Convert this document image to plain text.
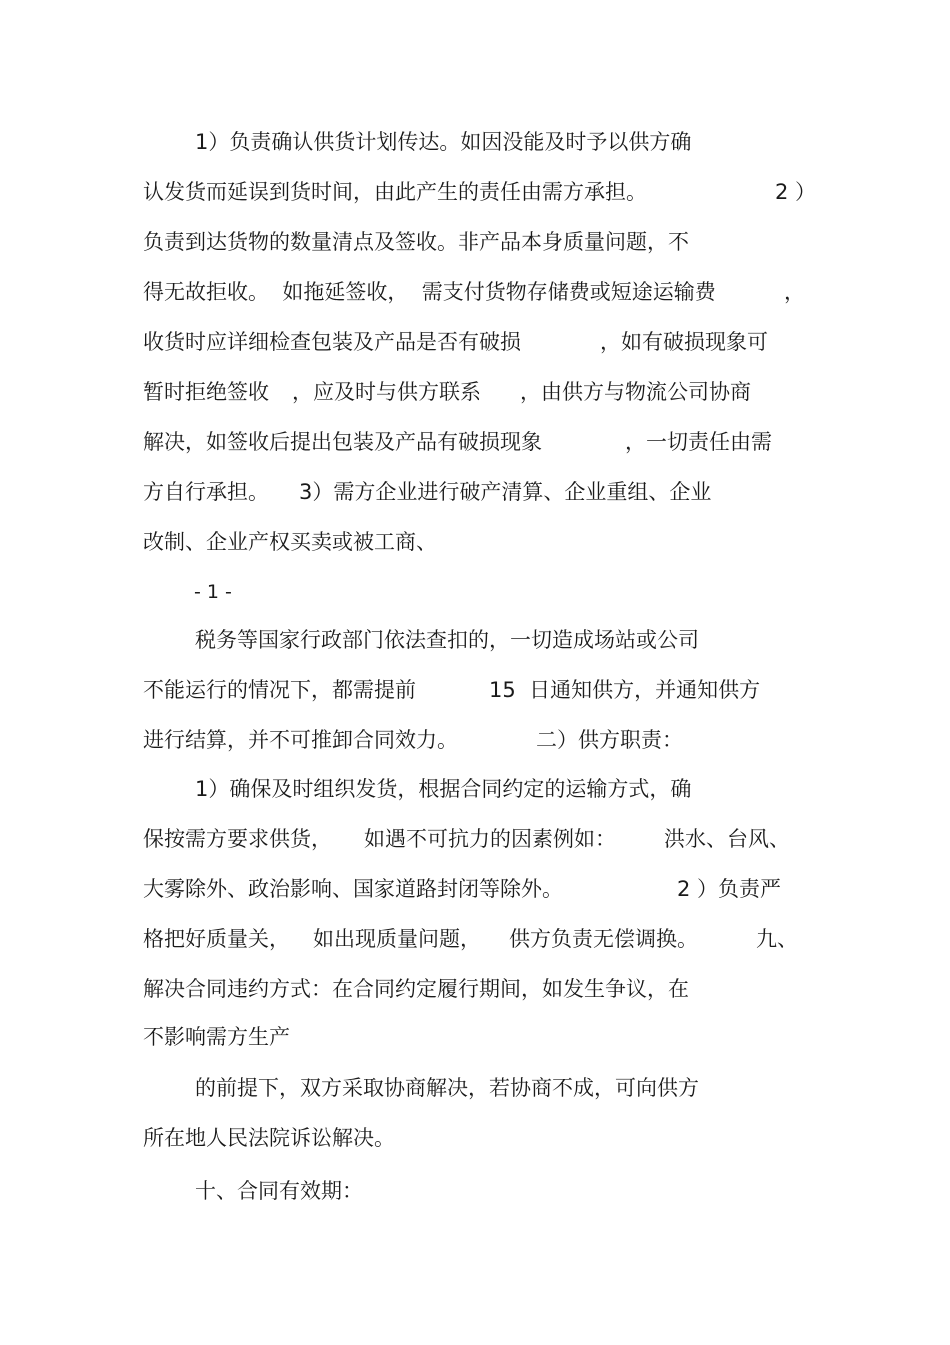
1）负责确认供货计划传达。如因没能及时予以供方确

认发货而延误到货时间，由此产生的责任由需方承担。

	2 ）

负责到达货物的数量清点及签收。非产品本身质量问题，不

得无故拒收。  如拖延签收，  需支付货物存储费或短途运输费

	，

收货时应详细检查包装及产品是否有破损

	，如有破损现象可

暂时拒绝签收

，应及时与供方联系

，由供方与物流公司协商

解决，如签收后提出包装及产品有破损现象

	，一切责任由需

方自行承担。

3）需方企业进行破产清算、企业重组、企业

改制、企业产权买卖或被工商、

- 1 -

税务等国家行政部门依法查扣的，一切造成场站或公司

不能运行的情况下，都需提前

	15  日通知供方，并通知供方

进行结算，并不可推卸合同效力。

	二）供方职责：

1）确保及时组织发货，根据合同约定的运输方式，确

保按需方要求供货，

如遇不可抗力的因素例如：

洪水、台风、

大雾除外、政治影响、国家道路封闭等除外。

	2 ）负责严

格把好质量关，

如出现质量问题，

供方负责无偿调换。

	九、

解决合同违约方式：在合同约定履行期间，如发生争议，在

不影响需方生产

的前提下，双方采取协商解决，若协商不成，可向供方

所在地人民法院诉讼解决。

十、合同有效期：
